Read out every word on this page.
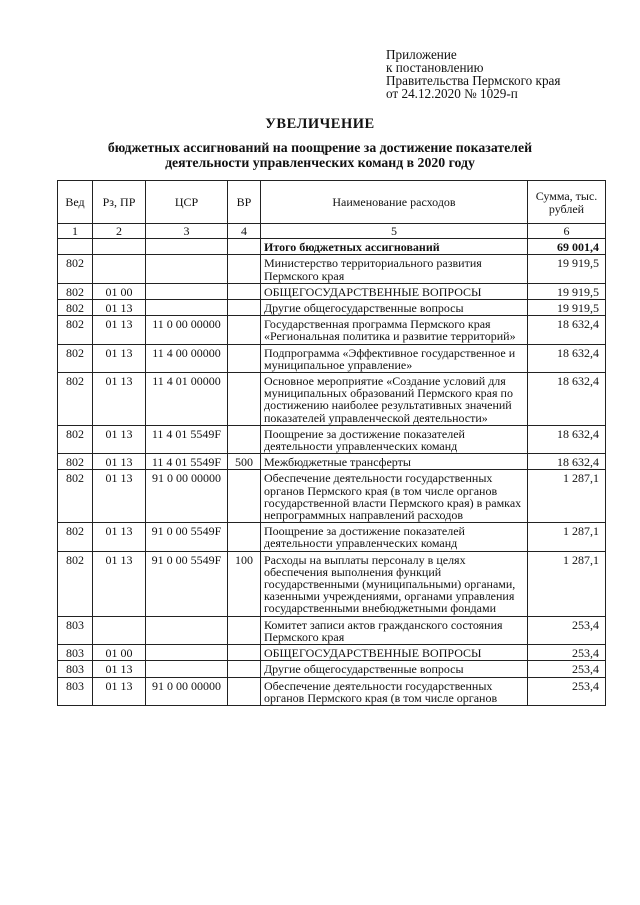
Приложение
к постановлению
Правительства Пермского края
от 24.12.2020 № 1029-п
УВЕЛИЧЕНИЕ
бюджетных ассигнований на поощрение за достижение показателей
деятельности управленческих команд в 2020 году
Вед	Рз, ПР	ЦСР	ВР	Наименование расходов	Сумма, тыс. рублей
1	2	3	4	5	6
				Итого бюджетных ассигнований	69 001,4
802				Министерство территориального развития Пермского края	19 919,5
802	01 00			ОБЩЕГОСУДАРСТВЕННЫЕ ВОПРОСЫ	19 919,5
802	01 13			Другие общегосударственные вопросы	19 919,5
802	01 13	11 0 00 00000		Государственная программа Пермского края «Региональная политика и развитие территорий»	18 632,4
802	01 13	11 4 00 00000		Подпрограмма «Эффективное государственное и муниципальное управление»	18 632,4
802	01 13	11 4 01 00000		Основное мероприятие «Создание условий для муниципальных образований Пермского края по достижению наиболее результативных значений показателей управленческой деятельности»	18 632,4
802	01 13	11 4 01 5549F		Поощрение за достижение показателей деятельности управленческих команд	18 632,4
802	01 13	11 4 01 5549F	500	Межбюджетные трансферты	18 632,4
802	01 13	91 0 00 00000		Обеспечение деятельности государственных органов Пермского края (в том числе органов государственной власти Пермского края) в рамках непрограммных направлений расходов	1 287,1
802	01 13	91 0 00 5549F		Поощрение за достижение показателей деятельности управленческих команд	1 287,1
802	01 13	91 0 00 5549F	100	Расходы на выплаты персоналу в целях обеспечения выполнения функций государственными (муниципальными) органами, казенными учреждениями, органами управления государственными внебюджетными фондами	1 287,1
803				Комитет записи актов гражданского состояния Пермского края	253,4
803	01 00			ОБЩЕГОСУДАРСТВЕННЫЕ ВОПРОСЫ	253,4
803	01 13			Другие общегосударственные вопросы	253,4
803	01 13	91 0 00 00000		Обеспечение деятельности государственных органов Пермского края (в том числе органов	253,4
